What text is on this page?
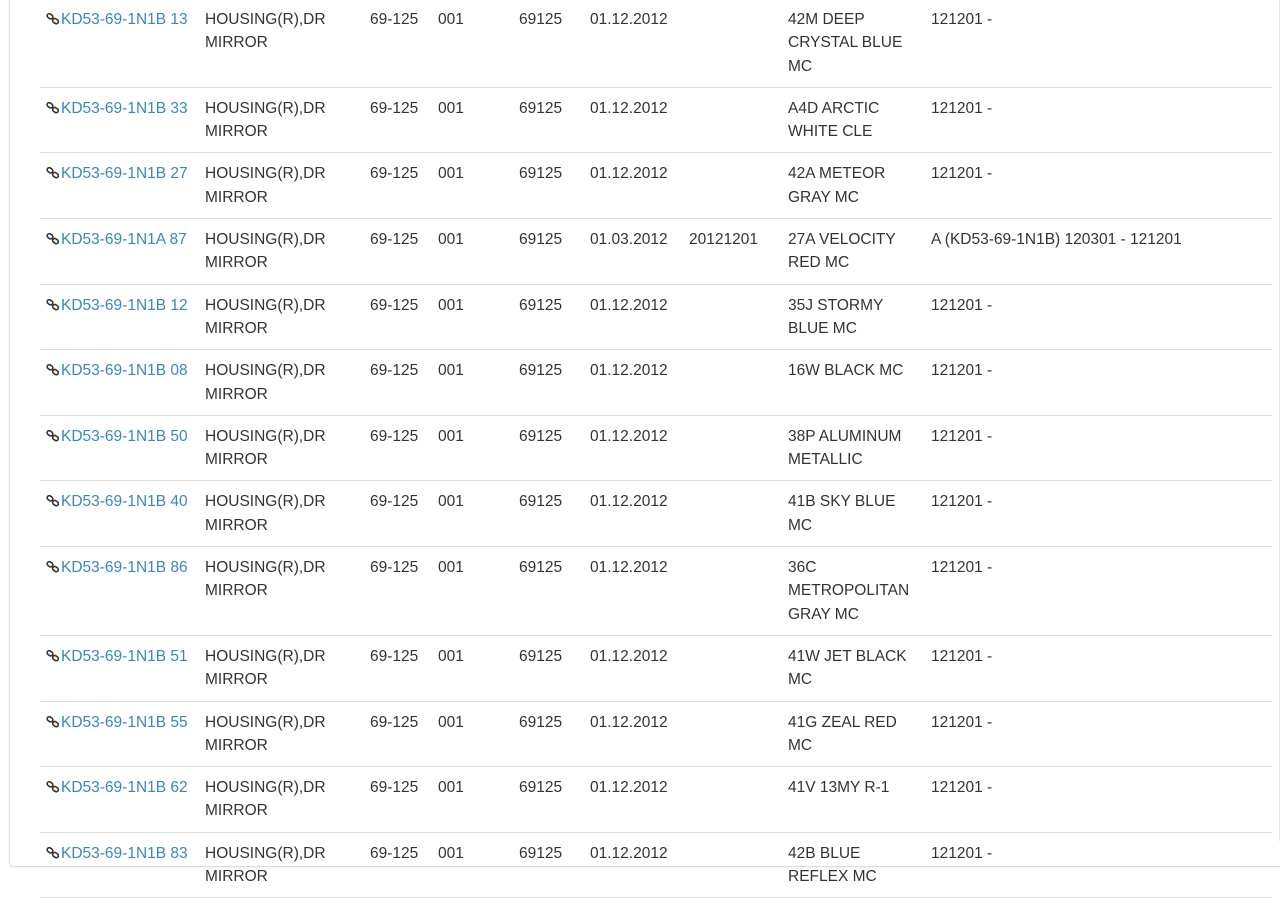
KD53-69-1N1B 13	HOUSING(R),DR MIRROR	69-125	001	69125	01.12.2012		42M DEEP CRYSTAL BLUE MC	121201 -
KD53-69-1N1B 33	HOUSING(R),DR MIRROR	69-125	001	69125	01.12.2012		A4D ARCTIC WHITE CLE	121201 -
KD53-69-1N1B 27	HOUSING(R),DR MIRROR	69-125	001	69125	01.12.2012		42A METEOR GRAY MC	121201 -
KD53-69-1N1A 87	HOUSING(R),DR MIRROR	69-125	001	69125	01.03.2012	20121201	27A VELOCITY RED MC	A (KD53-69-1N1B) 120301 - 121201
KD53-69-1N1B 12	HOUSING(R),DR MIRROR	69-125	001	69125	01.12.2012		35J STORMY BLUE MC	121201 -
KD53-69-1N1B 08	HOUSING(R),DR MIRROR	69-125	001	69125	01.12.2012		16W BLACK MC	121201 -
KD53-69-1N1B 50	HOUSING(R),DR MIRROR	69-125	001	69125	01.12.2012		38P ALUMINUM METALLIC	121201 -
KD53-69-1N1B 40	HOUSING(R),DR MIRROR	69-125	001	69125	01.12.2012		41B SKY BLUE MC	121201 -
KD53-69-1N1B 86	HOUSING(R),DR MIRROR	69-125	001	69125	01.12.2012		36C METROPOLITAN GRAY MC	121201 -
KD53-69-1N1B 51	HOUSING(R),DR MIRROR	69-125	001	69125	01.12.2012		41W JET BLACK MC	121201 -
KD53-69-1N1B 55	HOUSING(R),DR MIRROR	69-125	001	69125	01.12.2012		41G ZEAL RED MC	121201 -
KD53-69-1N1B 62	HOUSING(R),DR MIRROR	69-125	001	69125	01.12.2012		41V 13MY R-1	121201 -
KD53-69-1N1B 83	HOUSING(R),DR MIRROR	69-125	001	69125	01.12.2012		42B BLUE REFLEX MC	121201 -
